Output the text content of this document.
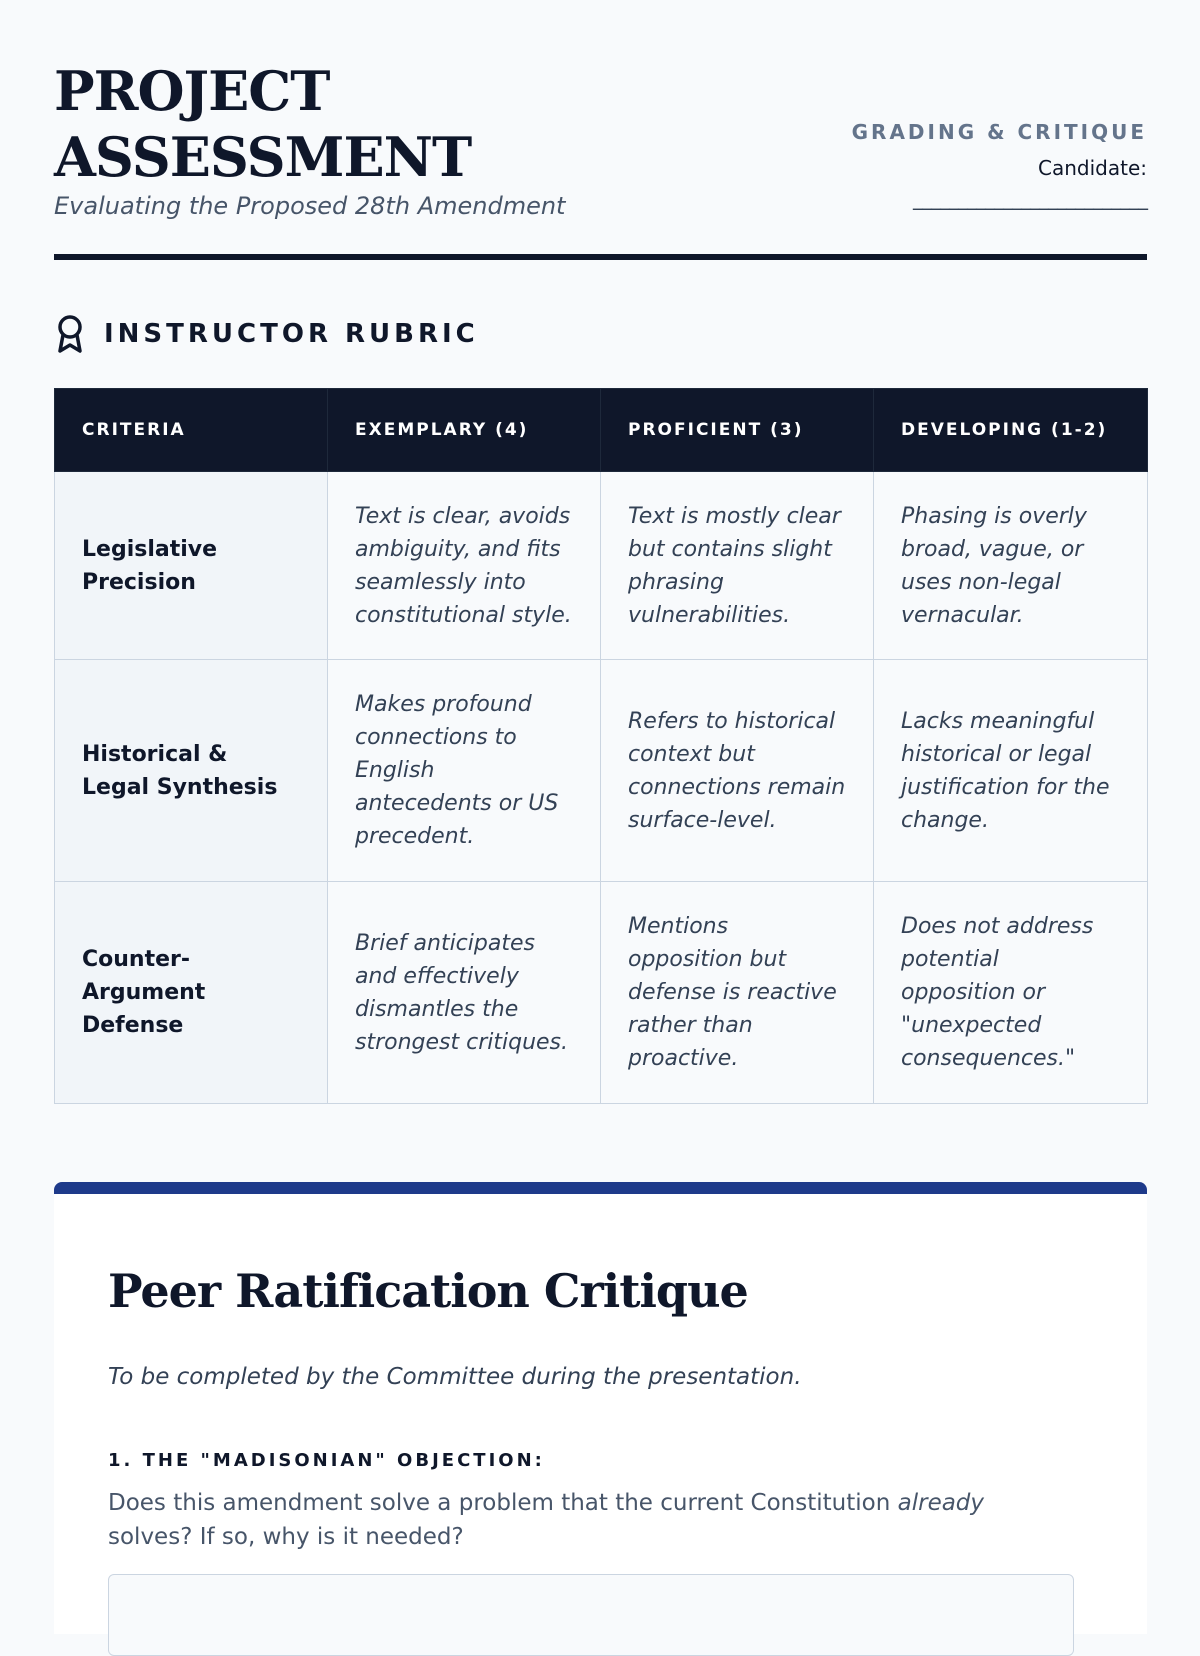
PROJECT
ASSESSMENT
Evaluating the Proposed 28th Amendment
GRADING & CRITIQUE
Candidate:
__________________________
INSTRUCTOR RUBRIC
CRITERIA	EXEMPLARY (4)	PROFICIENT (3)	DEVELOPING (1-2)
Legislative Precision	Text is clear, avoids ambiguity, and fits seamlessly into constitutional style.	Text is mostly clear but contains slight phrasing vulnerabilities.	Phasing is overly broad, vague, or uses non-legal vernacular.
Historical & Legal Synthesis	Makes profound connections to English antecedents or US precedent.	Refers to historical context but connections remain surface-level.	Lacks meaningful historical or legal justification for the change.
Counter-Argument Defense	Brief anticipates and effectively dismantles the strongest critiques.	Mentions opposition but defense is reactive rather than proactive.	Does not address potential opposition or "unexpected consequences."
Peer Ratification Critique
To be completed by the Committee during the presentation.
1. THE "MADISONIAN" OBJECTION:
Does this amendment solve a problem that the current Constitution already solves? If so, why is it needed?
